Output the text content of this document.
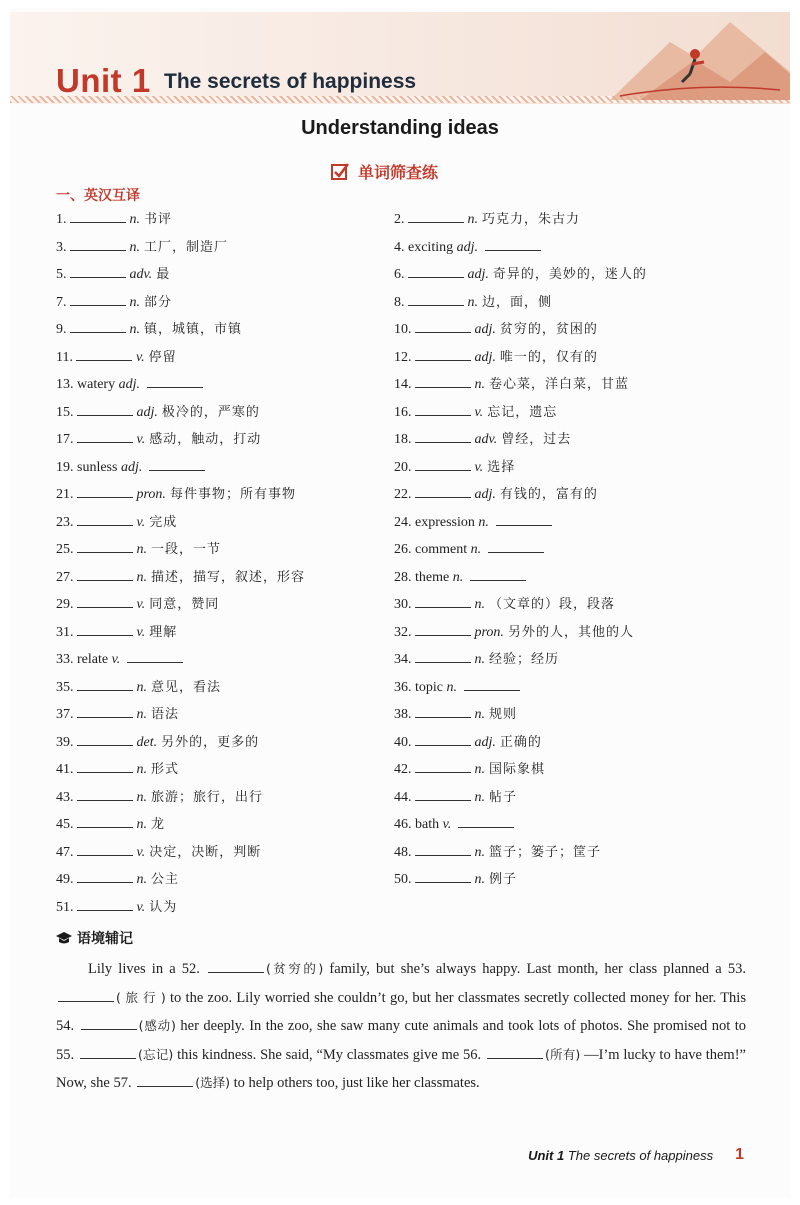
Unit 1 The secrets of happiness
Understanding ideas
单词筛查练
一、英汉互译
1.	n. 书评	2.	n. 巧克力，朱古力
3.	n. 工厂，制造厂	4. exciting adj.
5.	adv. 最	6.	adj. 奇异的，美妙的，迷人的
7.	n. 部分	8.	n. 边，面，侧
9.	n. 镇，城镇，市镇	10.	adj. 贫穷的，贫困的
11.	v. 停留	12.	adj. 唯一的，仅有的
13. watery adj.	14.	n. 卷心菜，洋白菜，甘蓝
15.	adj. 极冷的，严寒的	16.	v. 忘记，遗忘
17.	v. 感动，触动，打动	18.	adv. 曾经，过去
19. sunless adj.	20.	v. 选择
21.	pron. 每件事物；所有事物	22.	adj. 有钱的，富有的
23.	v. 完成	24. expression n.
25.	n. 一段，一节	26. comment n.
27.	n. 描述，描写，叙述，形容	28. theme n.
29.	v. 同意，赞同	30.	n. （文章的）段，段落
31.	v. 理解	32.	pron. 另外的人，其他的人
33. relate v.	34.	n. 经验；经历
35.	n. 意见，看法	36. topic n.
37.	n. 语法	38.	n. 规则
39.	det. 另外的，更多的	40.	adj. 正确的
41.	n. 形式	42.	n. 国际象棋
43.	n. 旅游；旅行，出行	44.	n. 帖子
45.	n. 龙	46. bath v.
47.	v. 决定，决断，判断	48.	n. 篮子；篓子；筐子
49.	n. 公主	50.	n. 例子
51.	v. 认为
语境辅记

Lily lives in a 52.	(贫穷的) family, but she’s always happy. Last month, her class planned a 53. ( 旅 行 ) to the zoo. Lily worried she couldn’t go, but her classmates secretly collected money for her. This 54.	(感动) her deeply. In the zoo, she saw many cute animals and took lots of photos. She promised not to 55.	(忘记) this kindness. She said, “My classmates give me 56.	(所有) —I’m lucky to have them!” Now, she 57.	(选择) to help others too, just like her classmates.

Unit 1 The secrets of happiness 1
